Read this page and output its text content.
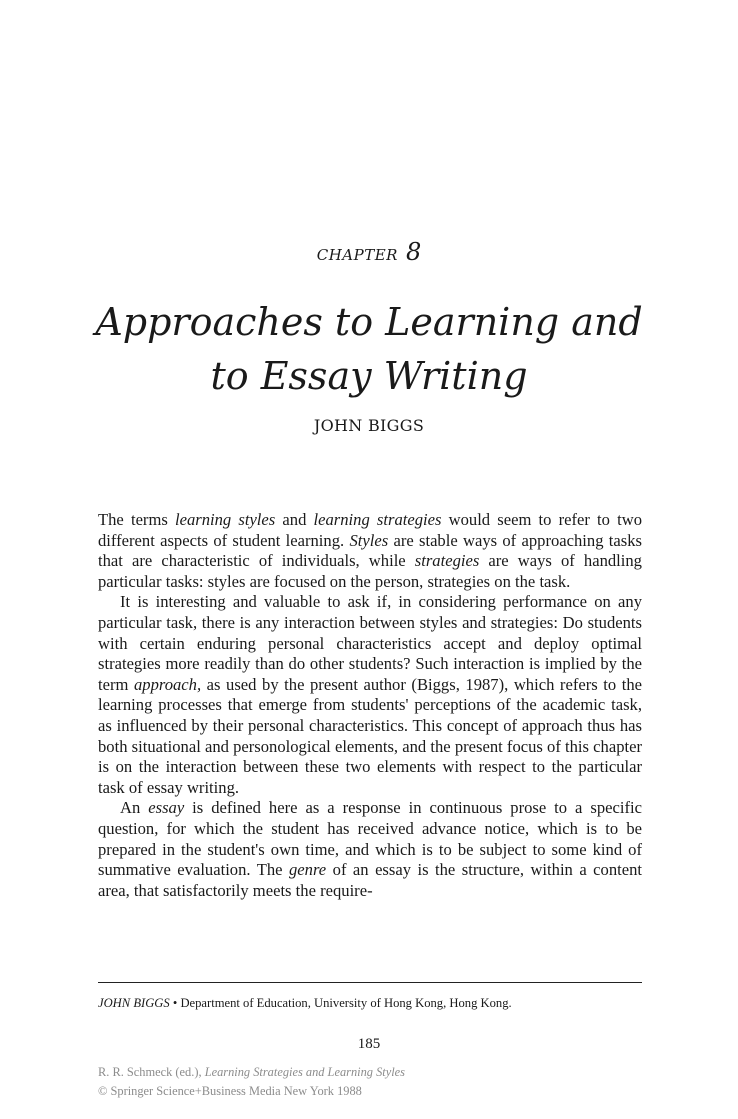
CHAPTER 8
Approaches to Learning and
to Essay Writing
JOHN BIGGS

The terms learning styles and learning strategies would seem to refer to two different aspects of student learning. Styles are stable ways of approaching tasks that are characteristic of individuals, while strategies are ways of handling particular tasks: styles are focused on the person, strategies on the task.

It is interesting and valuable to ask if, in considering performance on any particular task, there is any interaction between styles and strategies: Do students with certain enduring personal characteristics accept and deploy optimal strategies more readily than do other students? Such interaction is implied by the term approach, as used by the present author (Biggs, 1987), which refers to the learning processes that emerge from students' perceptions of the academic task, as influenced by their personal characteristics. This concept of approach thus has both situational and personological elements, and the present focus of this chapter is on the interaction between these two elements with respect to the particular task of essay writing.

An essay is defined here as a response in continuous prose to a specific question, for which the student has received advance notice, which is to be prepared in the student's own time, and which is to be subject to some kind of summative evaluation. The genre of an essay is the structure, within a content area, that satisfactorily meets the require-

JOHN BIGGS • Department of Education, University of Hong Kong, Hong Kong.
185
R. R. Schmeck (ed.), Learning Strategies and Learning Styles
© Springer Science+Business Media New York 1988
